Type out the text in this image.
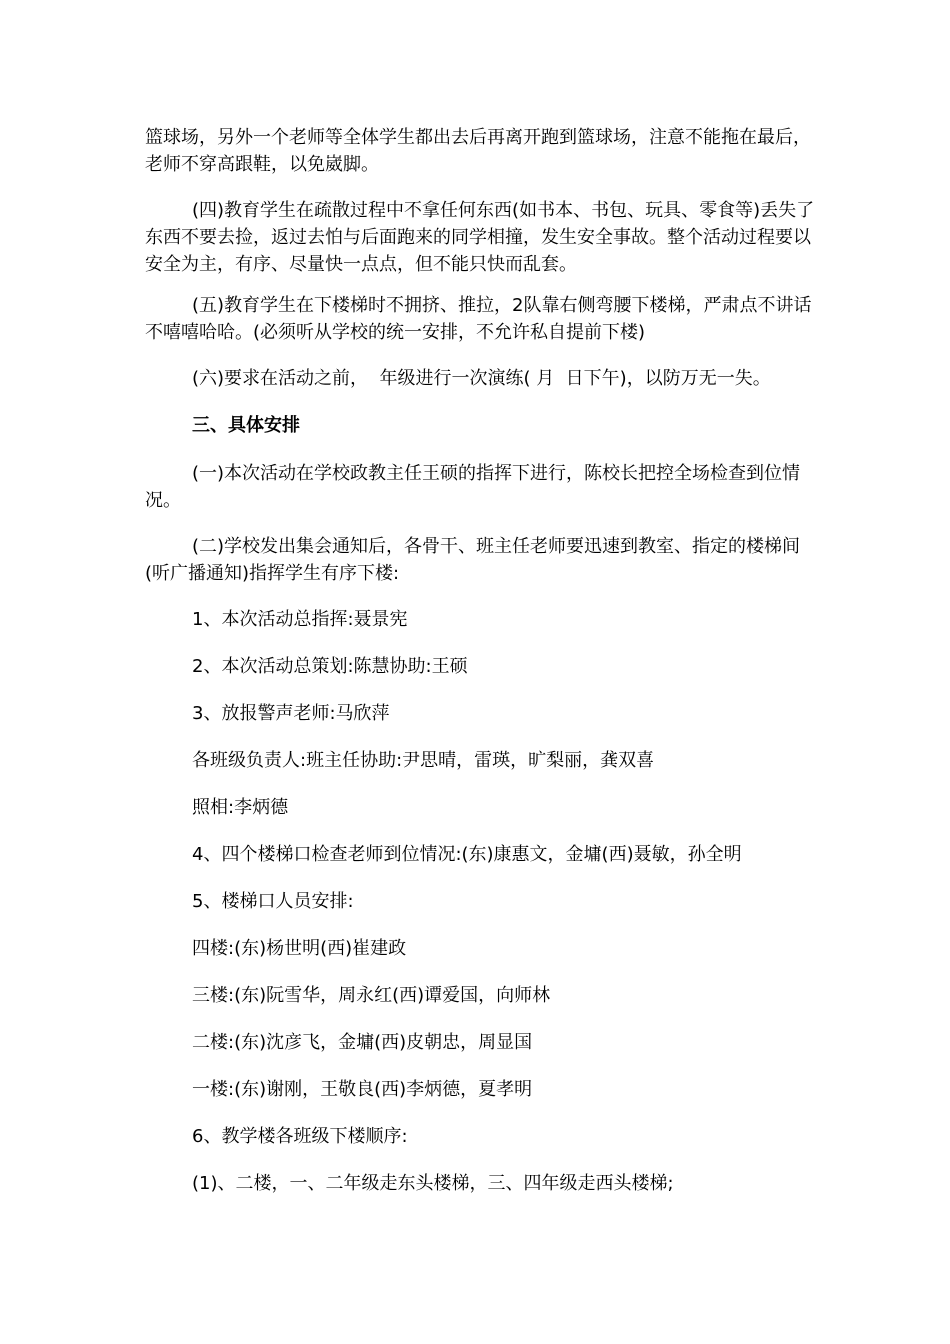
篮球场，另外一个老师等全体学生都出去后再离开跑到篮球场，注意不能拖在最后，老师不穿高跟鞋，以免崴脚。
(四)教育学生在疏散过程中不拿任何东西(如书本、书包、玩具、零食等)丢失了东西不要去捡，返过去怕与后面跑来的同学相撞，发生安全事故。整个活动过程要以安全为主，有序、尽量快一点点，但不能只快而乱套。
(五)教育学生在下楼梯时不拥挤、推拉，2队靠右侧弯腰下楼梯，严肃点不讲话不嘻嘻哈哈。(必须听从学校的统一安排，不允许私自提前下楼)
(六)要求在活动之前，  年级进行一次演练( 月  日下午)，以防万无一失。
三、具体安排
(一)本次活动在学校政教主任王硕的指挥下进行，陈校长把控全场检查到位情况。
(二)学校发出集会通知后，各骨干、班主任老师要迅速到教室、指定的楼梯间(听广播通知)指挥学生有序下楼:
1、本次活动总指挥:聂景宪
2、本次活动总策划:陈慧协助:王硕
3、放报警声老师:马欣萍
各班级负责人:班主任协助:尹思晴，雷瑛，旷梨丽，龚双喜
照相:李炳德
4、四个楼梯口检查老师到位情况:(东)康惠文，金墉(西)聂敏，孙全明
5、楼梯口人员安排:
四楼:(东)杨世明(西)崔建政
三楼:(东)阮雪华，周永红(西)谭爱国，向师林
二楼:(东)沈彦飞，金墉(西)皮朝忠，周显国
一楼:(东)谢刚，王敬良(西)李炳德，夏孝明
6、教学楼各班级下楼顺序:
(1)、二楼，一、二年级走东头楼梯，三、四年级走西头楼梯;
